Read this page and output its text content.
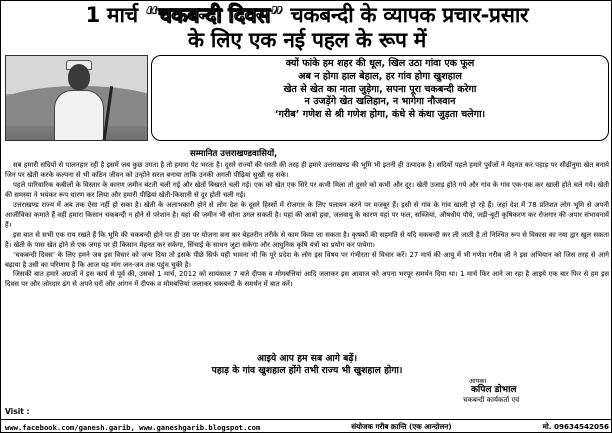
1 मार्च “चकबन्दी दिवस” चकबन्दी के व्यापक प्रचार-प्रसार
के लिए एक नई पहल के रूप में
क्यों फांके हम शहर की धूल, खिल उठा गांवा एक फूल
अब न होगा हाल बेहाल, हर गांव होगा खुशहाल
खेत से खेत का नाता जुड़ेगा, सपना पूरा चकबन्दी करेगा
न उजड़ेंगे खेत खलिहान, न भागेगा नौजवान
‘गरीब’ गणेश से श्री गणेश होगा, कंधे से कंधा जुड़ता चलेगा।
सम्मानित उत्तराखण्डवासियों,

सब हमारी सदियों से पालनहार रही है इसमें जब कुछ उगता है तो हमारा पेट भरता है। दूसरे राज्यों की धरती की तरह ही हमारे उत्तराखण्ड की भूमि भी इतनी ही उत्पादक है। सदियों पहले हमारे पुर्वजों ने मेहनत कर पहाड़ पर सीढ़ीनुमा खेत बनाये जिन पर खेती करके कल्पना से भी कठिन जीवन को उन्होंने सरल बनाया ताकि उनकी अगली पीढ़ियां सुखी रह सके।

पहले पारिवारिक कबीलों के विस्तार के कारण जमीन बंटती चली गई और खेतों बिखरते चली गई। एक को खेत एक सिरे पर कभी मिला तो दूसरे को कभी और दूर। खेती उजाड़ होते गये और गांव के गांव एक-एक कर खाली होते चले गये। खेती की समस्या ने भयंकर रूप धारण कर लिया और हमारी पीढ़ियां खेती-किसानी से दूर होती चली गई।

उत्तराखण्ड राज्य में अब तक ऐसा नहीं हो सका है। खेती के अलाभकारी होने से लोग देश के दूसरे हिस्सों में रोजगार के लिए पलायन करने पर मजबूर हैं। इसी से गांव के गांव खाली हो रहे हैं। जहां देश में 78 प्रतिशत लोग भूमि से अपनी आजीविका कमाते हैं वहीं हमारा किसान चकबन्दी न होने से परेशान है। यहां की जमीन भी सोना उगल सकती है। यहां की आबो हवा, जलवायु के कारण यहां पर फल, सब्जियां, औषधीय पौधे, जड़ी-बूटी कृषिकरण कर रोजगार की अपार संभावनायें हैं।

इस बात से सभी एक राय रखते हैं कि भूमि की चकबन्दी होने पर ही उस पर योजना बना कर बेहतरीन तरीके से काम किया जा सकता है। कृषकों की सहमति से यदि चकबन्दी कर ली जाती है तो निश्चित रूप से विकास का नया द्वार खुल सकता है। खेती के पास खेत होने से एक जगह पर ही किसान मेहनत कर सकेगा, सिंचाई के साधन जुटा सकेगा और आधुनिक कृषि यंत्रों का प्रयोग कर पायेगा।

‘चकबन्दी दिवस’ के लिए हमने जब इस विचार को जन्म दिया तो इसके पीछे सिर्फ यही भावना थी कि पूरे प्रदेश के लोग इस विषय पर गंभीरता से विचार करें। 27 मार्च की आयु में भी गणेश गरीब जी ने इस अभियान को जिस तरह से आगे बढ़ाया है उसी का परिणाम है कि आज यह मांग जन-जन तक पहुंच चुकी है।

जिसकी बात हमारे अग्रजों ने इस कार्य से पूर्व की, उसको 1 मार्च, 2012 को सायंकाल 7 बजे दीपक व मोमबत्तियां आदि जलाकर इस आवाज को अपना भरपूर समर्थन दिया था। 1 मार्च फिर आने जा रहा है आइये एक बार फिर से हम इस दिवस पर और जोरदार ढंग से अपने घरों और आंगन में दीपक व मोमबत्तियां जलाकर चकबन्दी के समर्थन में बात करें।

आइये आप हम सब आगे बढ़ें।
पहाड़ के गांव खुशहाल होंगे तभी राज्य भी खुशहाल होगा।
आपका
कपिल डोभाल
चकबन्दी कार्यकर्ता एवं
Visit :
www.facebook.com/ganesh.garib, www.ganeshgarib.blogspot.com	संयोजक गरीब क्रान्ति (एक आन्दोलन)	मो. 09634542056
